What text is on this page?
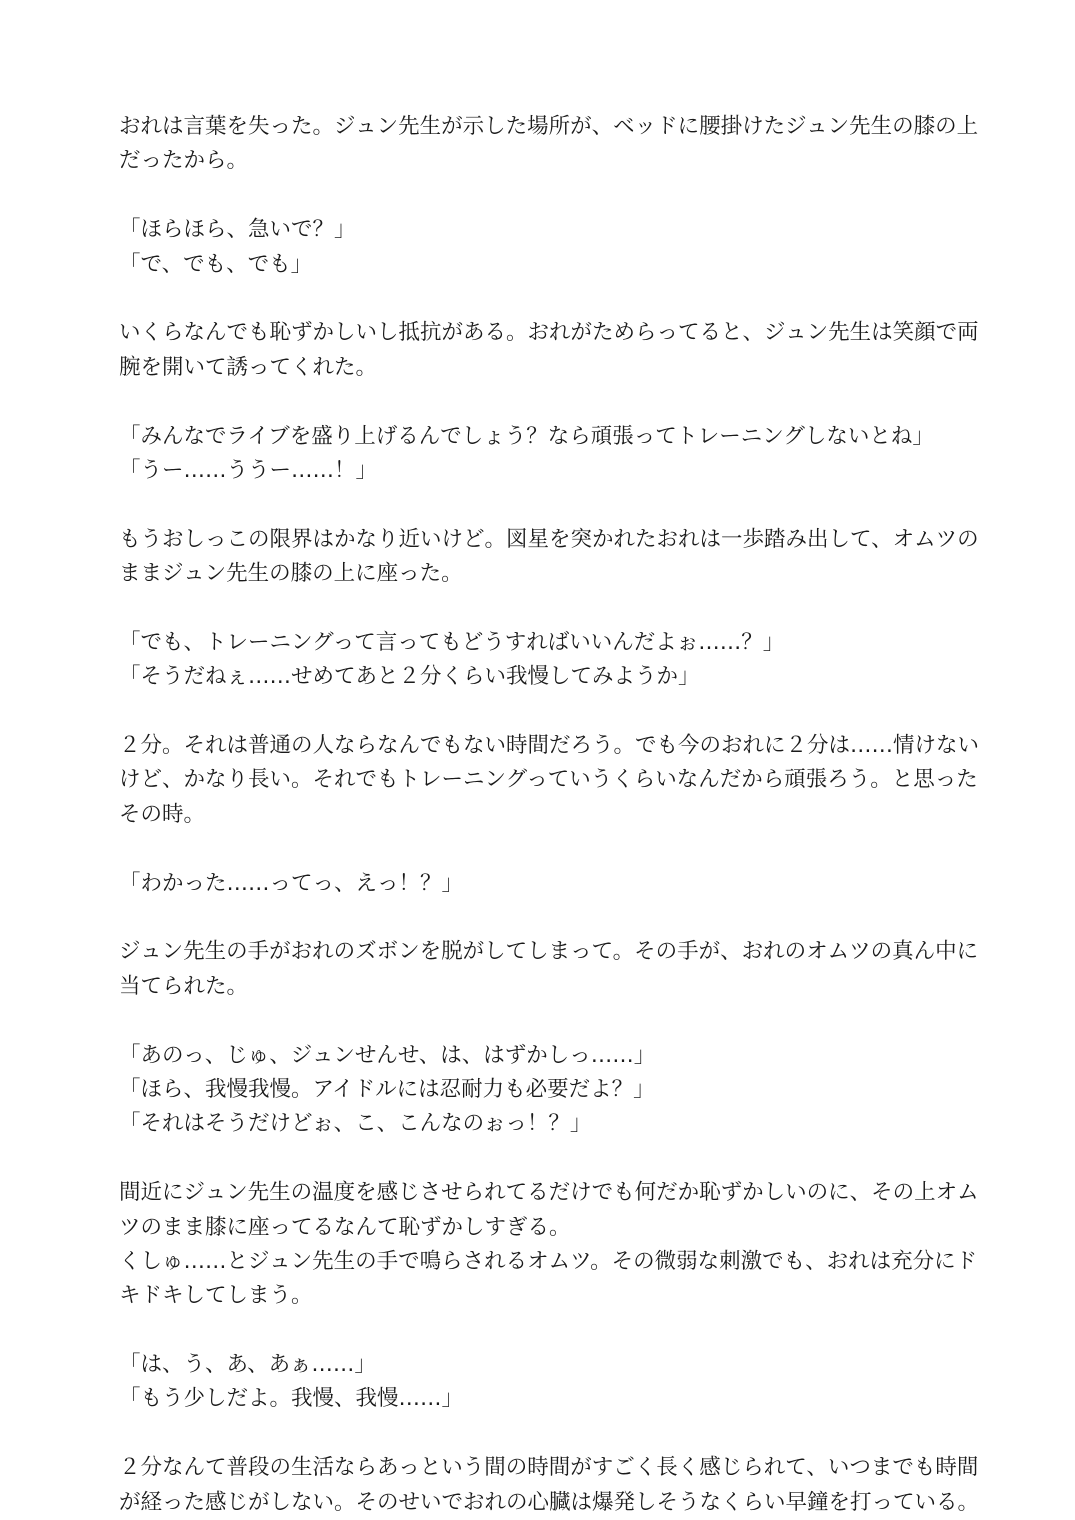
おれは言葉を失った。ジュン先生が示した場所が、ベッドに腰掛けたジュン先生の膝の上
だったから。
「ほらほら、急いで？」
「で、でも、でも」
いくらなんでも恥ずかしいし抵抗がある。おれがためらってると、ジュン先生は笑顔で両
腕を開いて誘ってくれた。
「みんなでライブを盛り上げるんでしょう？なら頑張ってトレーニングしないとね」
「うー……ううー……！」
もうおしっこの限界はかなり近いけど。図星を突かれたおれは一歩踏み出して、オムツの
ままジュン先生の膝の上に座った。
「でも、トレーニングって言ってもどうすればいいんだよぉ……？」
「そうだねぇ……せめてあと２分くらい我慢してみようか」
２分。それは普通の人ならなんでもない時間だろう。でも今のおれに２分は……情けない
けど、かなり長い。それでもトレーニングっていうくらいなんだから頑張ろう。と思った
その時。
「わかった……ってっ、えっ！？」
ジュン先生の手がおれのズボンを脱がしてしまって。その手が、おれのオムツの真ん中に
当てられた。
「あのっ、じゅ、ジュンせんせ、は、はずかしっ……」
「ほら、我慢我慢。アイドルには忍耐力も必要だよ？」
「それはそうだけどぉ、こ、こんなのぉっ！？」
間近にジュン先生の温度を感じさせられてるだけでも何だか恥ずかしいのに、その上オム
ツのまま膝に座ってるなんて恥ずかしすぎる。
くしゅ……とジュン先生の手で鳴らされるオムツ。その微弱な刺激でも、おれは充分にド
キドキしてしまう。
「は、う、あ、あぁ……」
「もう少しだよ。我慢、我慢……」
２分なんて普段の生活ならあっという間の時間がすごく長く感じられて、いつまでも時間
が経った感じがしない。そのせいでおれの心臓は爆発しそうなくらい早鐘を打っている。
